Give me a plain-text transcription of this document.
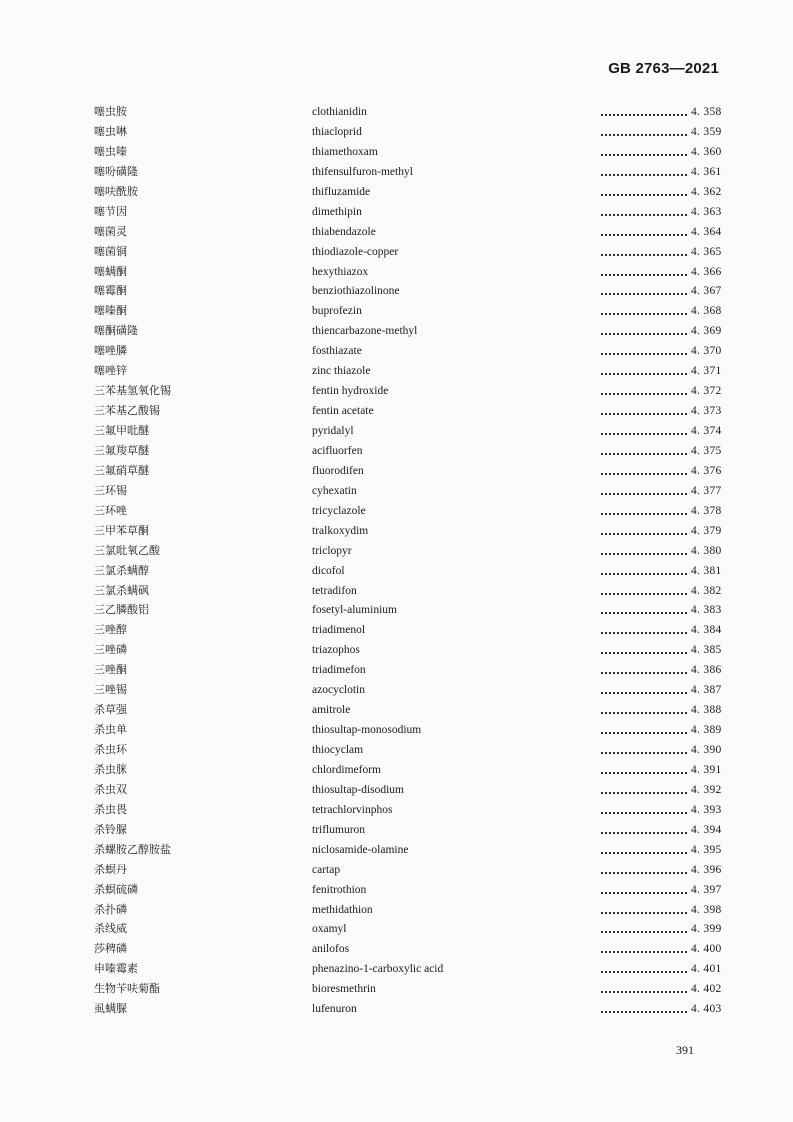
GB 2763—2021
噻虫胺	clothianidin	4. 358
噻虫啉	thiacloprid	4. 359
噻虫嗪	thiamethoxam	4. 360
噻吩磺隆	thifensulfuron-methyl	4. 361
噻呋酰胺	thifluzamide	4. 362
噻节因	dimethipin	4. 363
噻菌灵	thiabendazole	4. 364
噻菌铜	thiodiazole-copper	4. 365
噻螨酮	hexythiazox	4. 366
噻霉酮	benziothiazolinone	4. 367
噻嗪酮	buprofezin	4. 368
噻酮磺隆	thiencarbazone-methyl	4. 369
噻唑膦	fosthiazate	4. 370
噻唑锌	zinc thiazole	4. 371
三苯基氢氧化锡	fentin hydroxide	4. 372
三苯基乙酸锡	fentin acetate	4. 373
三氟甲吡醚	pyridalyl	4. 374
三氟羧草醚	acifluorfen	4. 375
三氟硝草醚	fluorodifen	4. 376
三环锡	cyhexatin	4. 377
三环唑	tricyclazole	4. 378
三甲苯草酮	tralkoxydim	4. 379
三氯吡氧乙酸	triclopyr	4. 380
三氯杀螨醇	dicofol	4. 381
三氯杀螨砜	tetradifon	4. 382
三乙膦酸铝	fosetyl-aluminium	4. 383
三唑醇	triadimenol	4. 384
三唑磷	triazophos	4. 385
三唑酮	triadimefon	4. 386
三唑锡	azocyclotin	4. 387
杀草强	amitrole	4. 388
杀虫单	thiosultap-monosodium	4. 389
杀虫环	thiocyclam	4. 390
杀虫脒	chlordimeform	4. 391
杀虫双	thiosultap-disodium	4. 392
杀虫畏	tetrachlorvinphos	4. 393
杀铃脲	triflumuron	4. 394
杀螺胺乙醇胺盐	niclosamide-olamine	4. 395
杀螟丹	cartap	4. 396
杀螟硫磷	fenitrothion	4. 397
杀扑磷	methidathion	4. 398
杀线威	oxamyl	4. 399
莎稗磷	anilofos	4. 400
申嗪霉素	phenazino-1-carboxylic acid	4. 401
生物苄呋菊酯	bioresmethrin	4. 402
虱螨脲	lufenuron	4. 403
391
